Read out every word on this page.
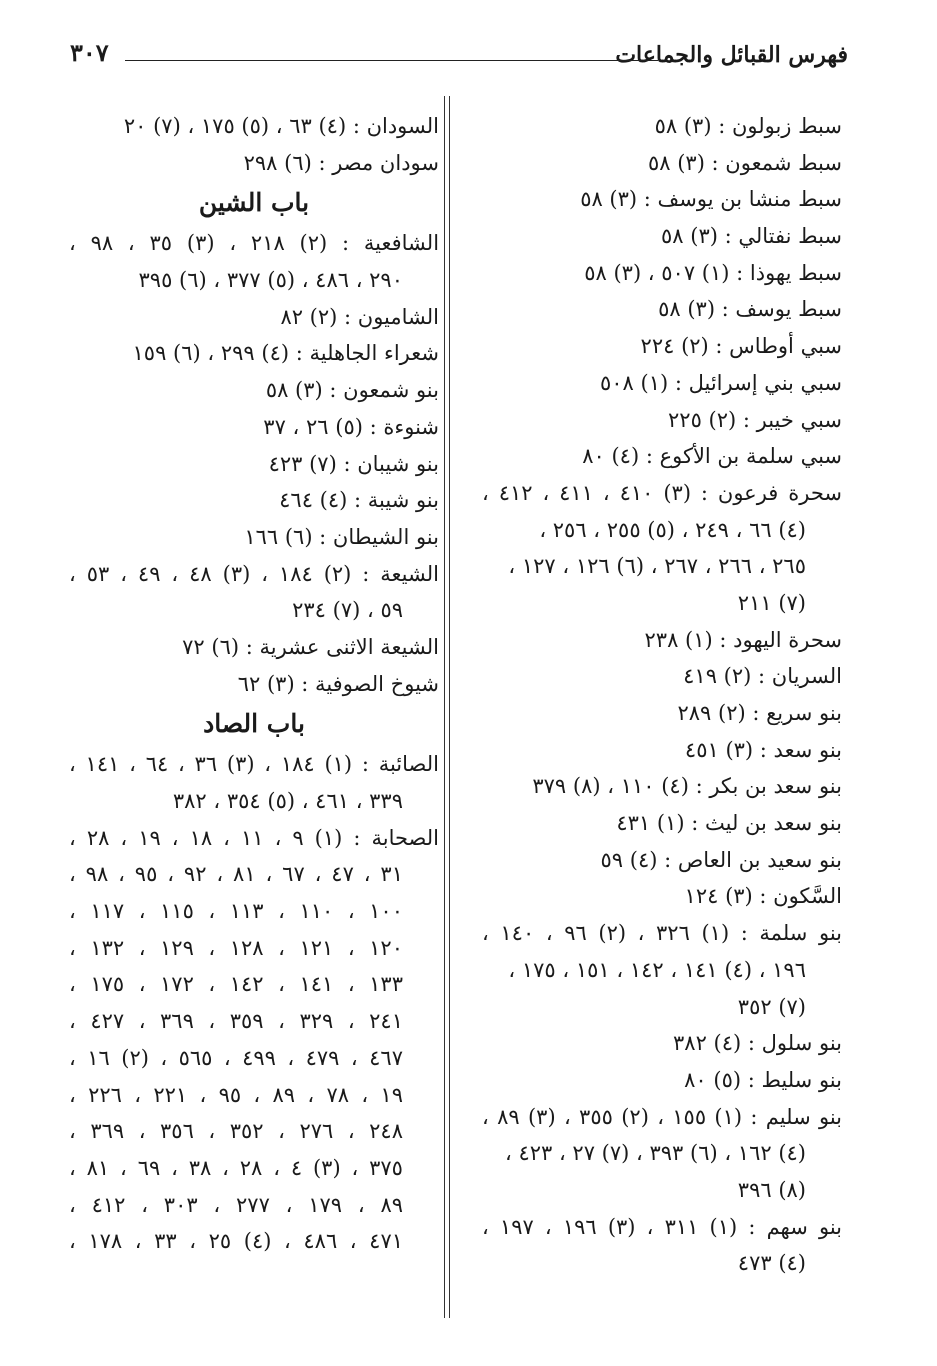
فهرس القبائل والجماعات
٣٠٧
سبط زبولون : (٣) ٥٨
سبط شمعون : (٣) ٥٨
سبط منشا بن يوسف : (٣) ٥٨
سبط نفتالي : (٣) ٥٨
سبط يهوذا : (١) ٥٠٧ ، (٣) ٥٨
سبط يوسف : (٣) ٥٨
سبي أوطاس : (٢) ٢٢٤
سبي بني إسرائيل : (١) ٥٠٨
سبي خيبر : (٢) ٢٢٥
سبي سلمة بن الأكوع : (٤) ٨٠
سحرة فرعون : (٣) ٤١٠ ، ٤١١ ، ٤١٢ ،
(٤) ٦٦ ، ٢٤٩ ، (٥) ٢٥٥ ، ٢٥٦ ،
٢٦٥ ، ٢٦٦ ، ٢٦٧ ، (٦) ١٢٦ ، ١٢٧ ،
(٧) ٢١١
سحرة اليهود : (١) ٢٣٨
السريان : (٢) ٤١٩
بنو سريع : (٢) ٢٨٩
بنو سعد : (٣) ٤٥١
بنو سعد بن بكر : (٤) ١١٠ ، (٨) ٣٧٩
بنو سعد بن ليث : (١) ٤٣١
بنو سعيد بن العاص : (٤) ٥٩
السَّكون : (٣) ١٢٤
بنو سلمة : (١) ٣٢٦ ، (٢) ٩٦ ، ١٤٠ ،
١٩٦ ، (٤) ١٤١ ، ١٤٢ ، ١٥١ ، ١٧٥ ،
(٧) ٣٥٢
بنو سلول : (٤) ٣٨٢
بنو سليط : (٥) ٨٠
بنو سليم : (١) ١٥٥ ، (٢) ٣٥٥ ، (٣) ٨٩ ،
(٤) ١٦٢ ، (٦) ٣٩٣ ، (٧) ٢٧ ، ٤٢٣ ،
(٨) ٣٩٦
بنو سهم : (١) ٣١١ ، (٣) ١٩٦ ، ١٩٧ ،
(٤) ٤٧٣
السودان : (٤) ٦٣ ، (٥) ١٧٥ ، (٧) ٢٠
سودان مصر : (٦) ٢٩٨
باب الشين
الشافعية : (٢) ٢١٨ ، (٣) ٣٥ ، ٩٨ ،
٢٩٠ ، ٤٨٦ ، (٥) ٣٧٧ ، (٦) ٣٩٥
الشاميون : (٢) ٨٢
شعراء الجاهلية : (٤) ٢٩٩ ، (٦) ١٥٩
بنو شمعون : (٣) ٥٨
شنوءة : (٥) ٢٦ ، ٣٧
بنو شيبان : (٧) ٤٢٣
بنو شيبة : (٤) ٤٦٤
بنو الشيطان : (٦) ١٦٦
الشيعة : (٢) ١٨٤ ، (٣) ٤٨ ، ٤٩ ، ٥٣ ،
٥٩ ، (٧) ٢٣٤
الشيعة الاثنى عشرية : (٦) ٧٢
شيوخ الصوفية : (٣) ٦٢
باب الصاد
الصائبة : (١) ١٨٤ ، (٣) ٣٦ ، ٦٤ ، ١٤١ ،
٣٣٩ ، ٤٦١ ، (٥) ٣٥٤ ، ٣٨٢
الصحابة : (١) ٩ ، ١١ ، ١٨ ، ١٩ ، ٢٨ ،
٣١ ، ٤٧ ، ٦٧ ، ٨١ ، ٩٢ ، ٩٥ ، ٩٨ ،
١٠٠ ، ١١٠ ، ١١٣ ، ١١٥ ، ١١٧ ،
١٢٠ ، ١٢١ ، ١٢٨ ، ١٢٩ ، ١٣٢ ،
١٣٣ ، ١٤١ ، ١٤٢ ، ١٧٢ ، ١٧٥ ،
٢٤١ ، ٣٢٩ ، ٣٥٩ ، ٣٦٩ ، ٤٢٧ ،
٤٦٧ ، ٤٧٩ ، ٤٩٩ ، ٥٦٥ ، (٢) ١٦ ،
١٩ ، ٧٨ ، ٨٩ ، ٩٥ ، ٢٢١ ، ٢٢٦ ،
٢٤٨ ، ٢٧٦ ، ٣٥٢ ، ٣٥٦ ، ٣٦٩ ،
٣٧٥ ، (٣) ٤ ، ٢٨ ، ٣٨ ، ٦٩ ، ٨١ ،
٨٩ ، ١٧٩ ، ٢٧٧ ، ٣٠٣ ، ٤١٢ ،
٤٧١ ، ٤٨٦ ، (٤) ٢٥ ، ٣٣ ، ١٧٨ ،
